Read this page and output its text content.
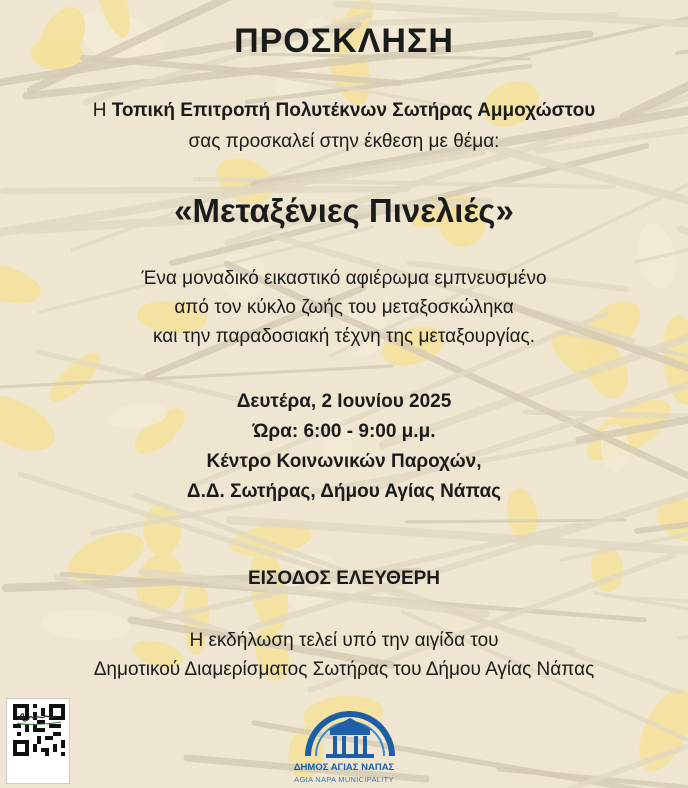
ΠΡΟΣΚΛΗΣΗ
Η Τοπική Επιτροπή Πολυτέκνων Σωτήρας Αμμοχώστου
σας προσκαλεί στην έκθεση με θέμα:
«Μεταξένιες Πινελιές»
Ένα μοναδικό εικαστικό αφιέρωμα εμπνευσμένο
από τον κύκλο ζωής του μεταξοσκώληκα
και την παραδοσιακή τέχνη της μεταξουργίας.
Δευτέρα, 2 Ιουνίου 2025
Ώρα: 6:00 - 9:00 μ.μ.
Κέντρο Κοινωνικών Παροχών,
Δ.Δ. Σωτήρας, Δήμου Αγίας Νάπας
ΕΙΣΟΔΟΣ ΕΛΕΥΘΕΡΗ
Η εκδήλωση τελεί υπό την αιγίδα του
Δημοτικού Διαμερίσματος Σωτήρας του Δήμου Αγίας Νάπας
ΔΗΜΟΣ ΑΓΙΑΣ ΝΑΠΑΣ
AGIA NAPA MUNICIPALITY
